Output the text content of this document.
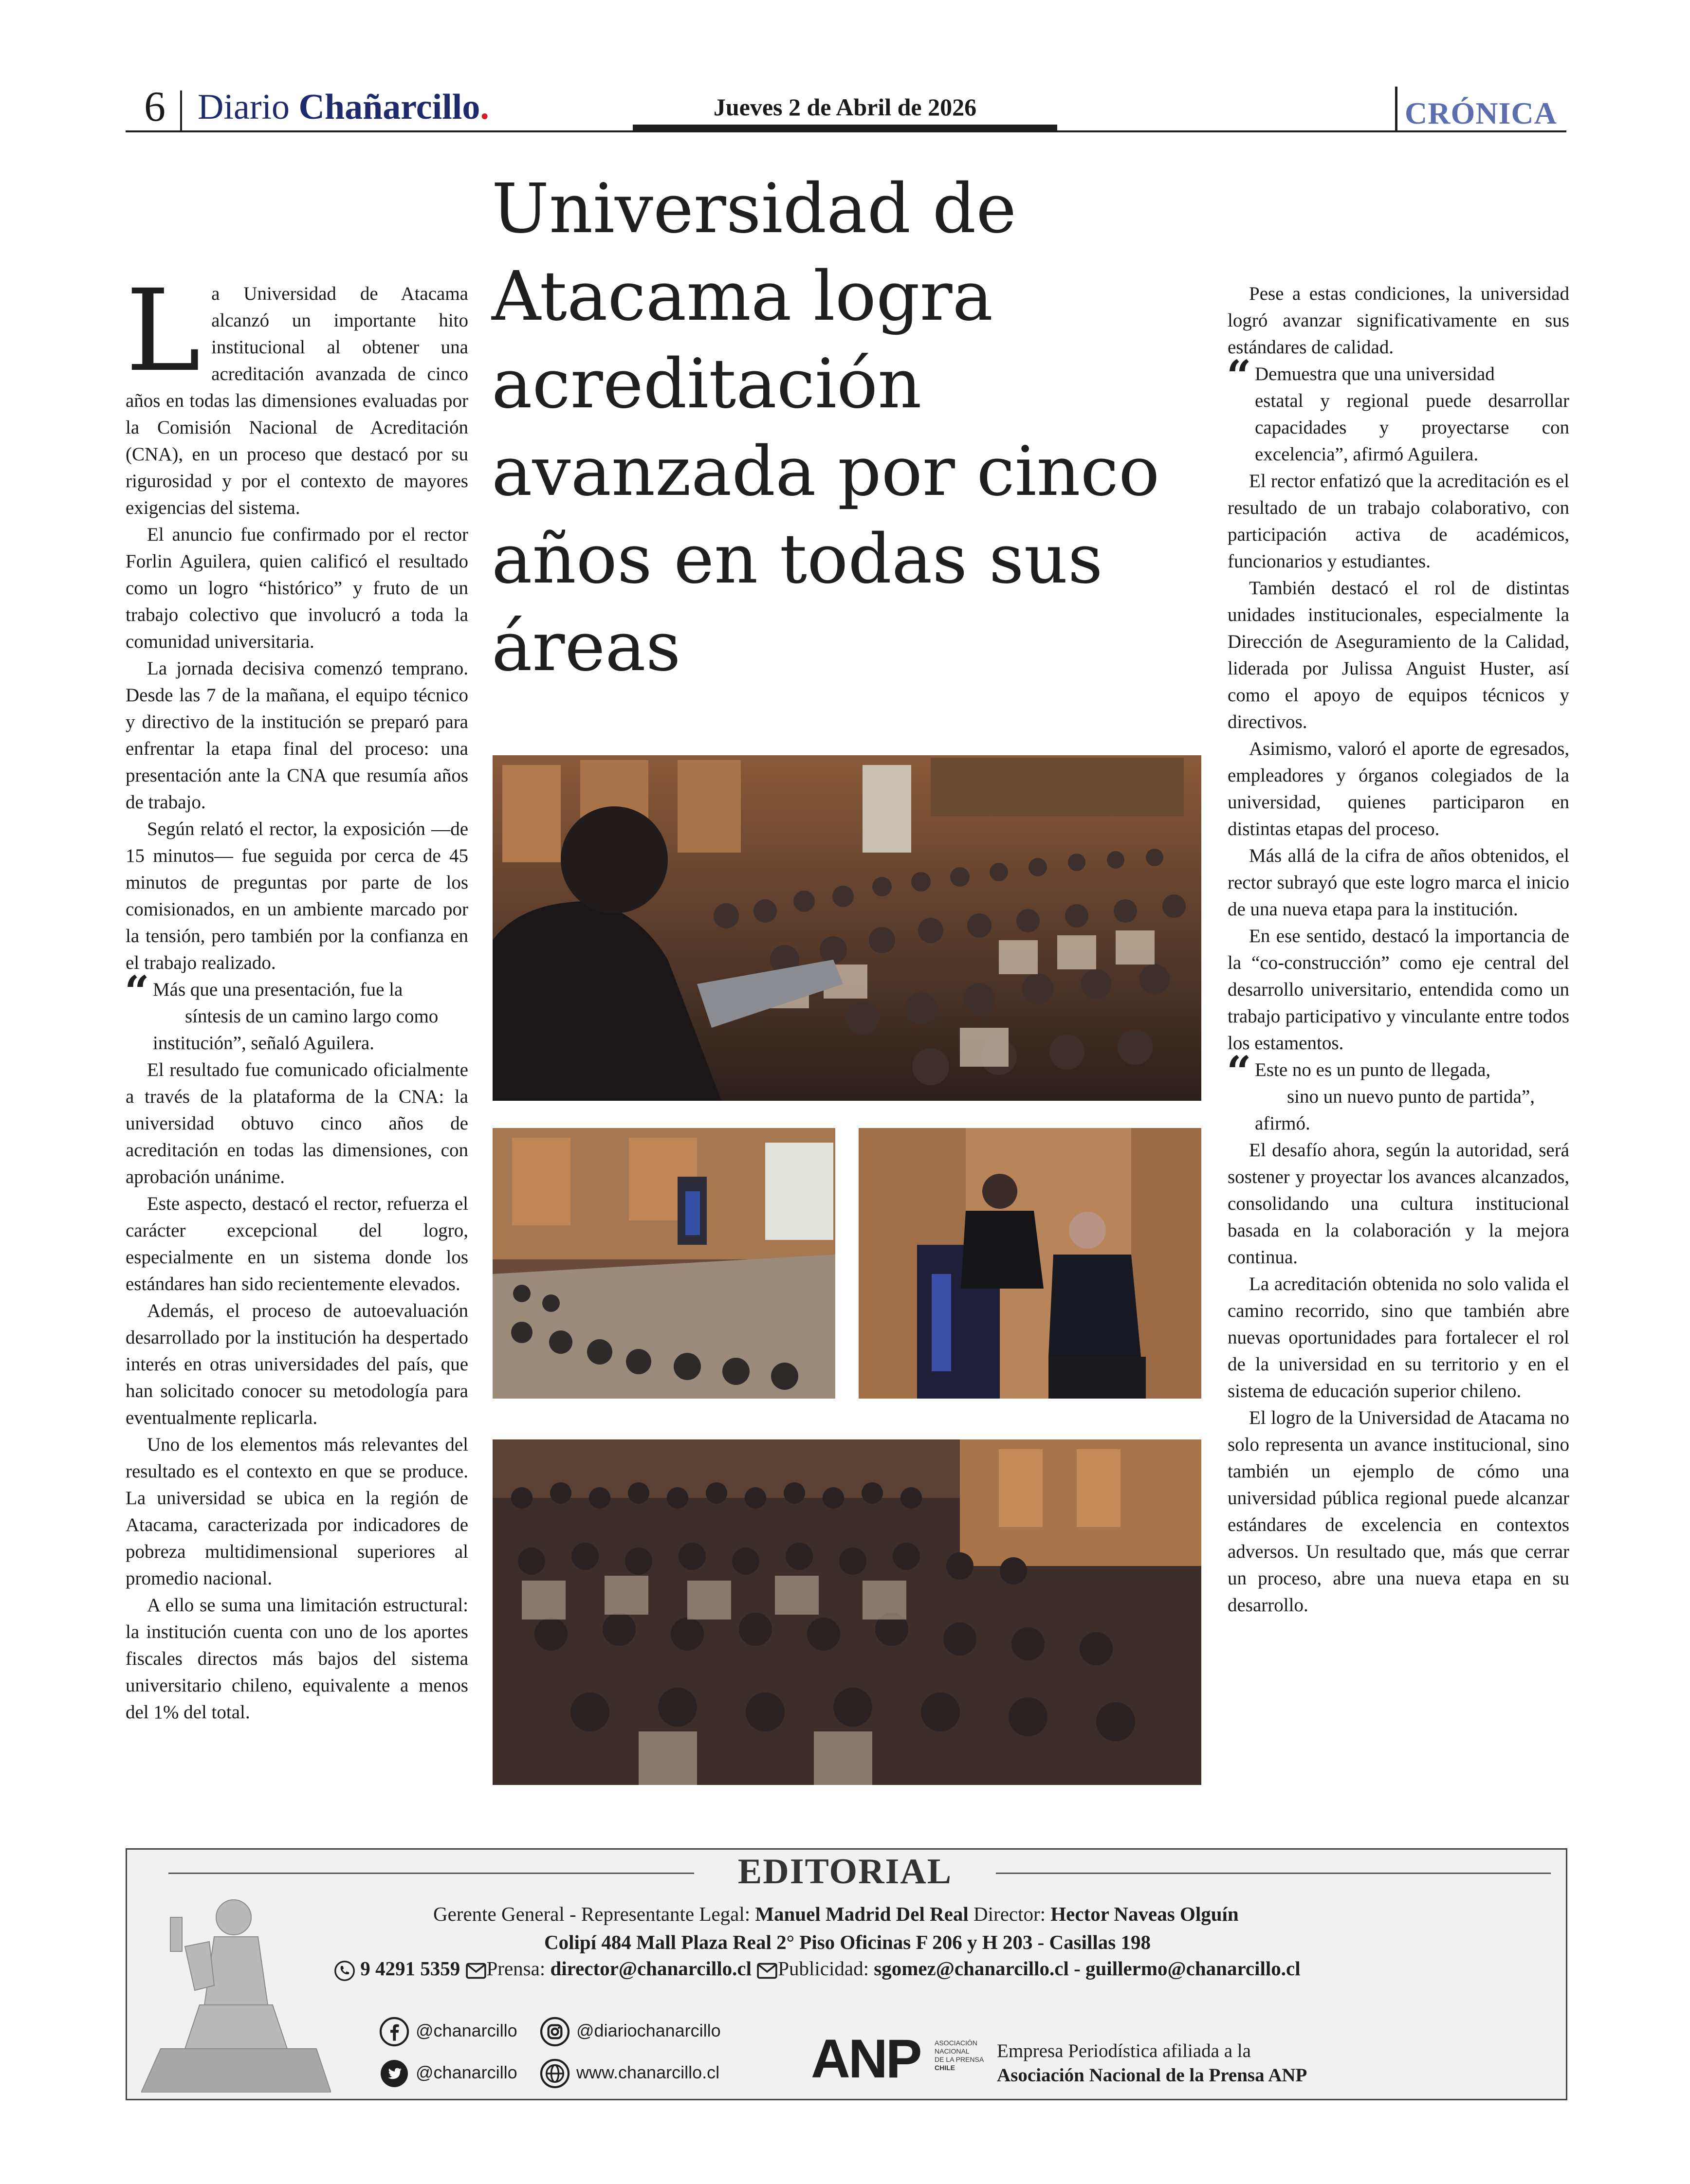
6 Diario Chañarcillo.	Jueves 2 de Abril de 2026	CRÓNICA
Universidad de Atacama logra acreditación avanzada por cinco años en todas sus áreas

La Universidad de Atacama alcanzó un importante hito institucional al obtener una acreditación avanzada de cinco años en todas las dimensiones evaluadas por la Comisión Nacional de Acreditación (CNA), en un proceso que destacó por su rigurosidad y por el contexto de mayores exigencias del sistema.

El anuncio fue confirmado por el rector Forlin Aguilera, quien calificó el resultado como un logro “histórico” y fruto de un trabajo colectivo que involucró a toda la comunidad universitaria.

La jornada decisiva comenzó temprano. Desde las 7 de la mañana, el equipo técnico y directivo de la institución se preparó para enfrentar la etapa final del proceso: una presentación ante la CNA que resumía años de trabajo.

Según relató el rector, la exposición —de 15 minutos— fue seguida por cerca de 45 minutos de preguntas por parte de los comisionados, en un ambiente marcado por la tensión, pero también por la confianza en el trabajo realizado.

“ Más que una presentación, fue la
síntesis de un camino largo como
institución”, señaló Aguilera.

El resultado fue comunicado oficialmente a través de la plataforma de la CNA: la universidad obtuvo cinco años de acreditación en todas las dimensiones, con aprobación unánime.

Este aspecto, destacó el rector, refuerza el carácter excepcional del logro, especialmente en un sistema donde los estándares han sido recientemente elevados.

Además, el proceso de autoevaluación desarrollado por la institución ha despertado interés en otras universidades del país, que han solicitado conocer su metodología para eventualmente replicarla.

Uno de los elementos más relevantes del resultado es el contexto en que se produce. La universidad se ubica en la región de Atacama, caracterizada por indicadores de pobreza multidimensional superiores al promedio nacional.

A ello se suma una limitación estructural: la institución cuenta con uno de los aportes fiscales directos más bajos del sistema universitario chileno, equivalente a menos del 1% del total.

Pese a estas condiciones, la universidad logró avanzar significativamente en sus estándares de calidad.

“ Demuestra que una universidad
estatal y regional puede desarrollar capacidades y proyectarse con excelencia”, afirmó Aguilera.

El rector enfatizó que la acreditación es el resultado de un trabajo colaborativo, con participación activa de académicos, funcionarios y estudiantes.

También destacó el rol de distintas unidades institucionales, especialmente la Dirección de Aseguramiento de la Calidad, liderada por Julissa Anguist Huster, así como el apoyo de equipos técnicos y directivos.

Asimismo, valoró el aporte de egresados, empleadores y órganos colegiados de la universidad, quienes participaron en distintas etapas del proceso.

Más allá de la cifra de años obtenidos, el rector subrayó que este logro marca el inicio de una nueva etapa para la institución.

En ese sentido, destacó la importancia de la “co-construcción” como eje central del desarrollo universitario, entendida como un trabajo participativo y vinculante entre todos los estamentos.

“ Este no es un punto de llegada,
sino un nuevo punto de partida”,
afirmó.

El desafío ahora, según la autoridad, será sostener y proyectar los avances alcanzados, consolidando una cultura institucional basada en la colaboración y la mejora continua.

La acreditación obtenida no solo valida el camino recorrido, sino que también abre nuevas oportunidades para fortalecer el rol de la universidad en su territorio y en el sistema de educación superior chileno.

El logro de la Universidad de Atacama no solo representa un avance institucional, sino también un ejemplo de cómo una universidad pública regional puede alcanzar estándares de excelencia en contextos adversos. Un resultado que, más que cerrar un proceso, abre una nueva etapa en su desarrollo.

EDITORIAL
Gerente General - Representante Legal: Manuel Madrid Del Real Director: Hector Naveas Olguín
Colipí 484 Mall Plaza Real 2° Piso Oficinas F 206 y H 203 - Casillas 198
9 4291 5359 Prensa: director@chanarcillo.cl Publicidad: sgomez@chanarcillo.cl - guillermo@chanarcillo.cl
@chanarcillo	@diariochanarcillo
@chanarcillo	www.chanarcillo.cl ANP	ASOCIACIÓN
NACIONAL
DE LA PRENSA
CHILE
Empresa Periodística afiliada a la
Asociación Nacional de la Prensa ANP
